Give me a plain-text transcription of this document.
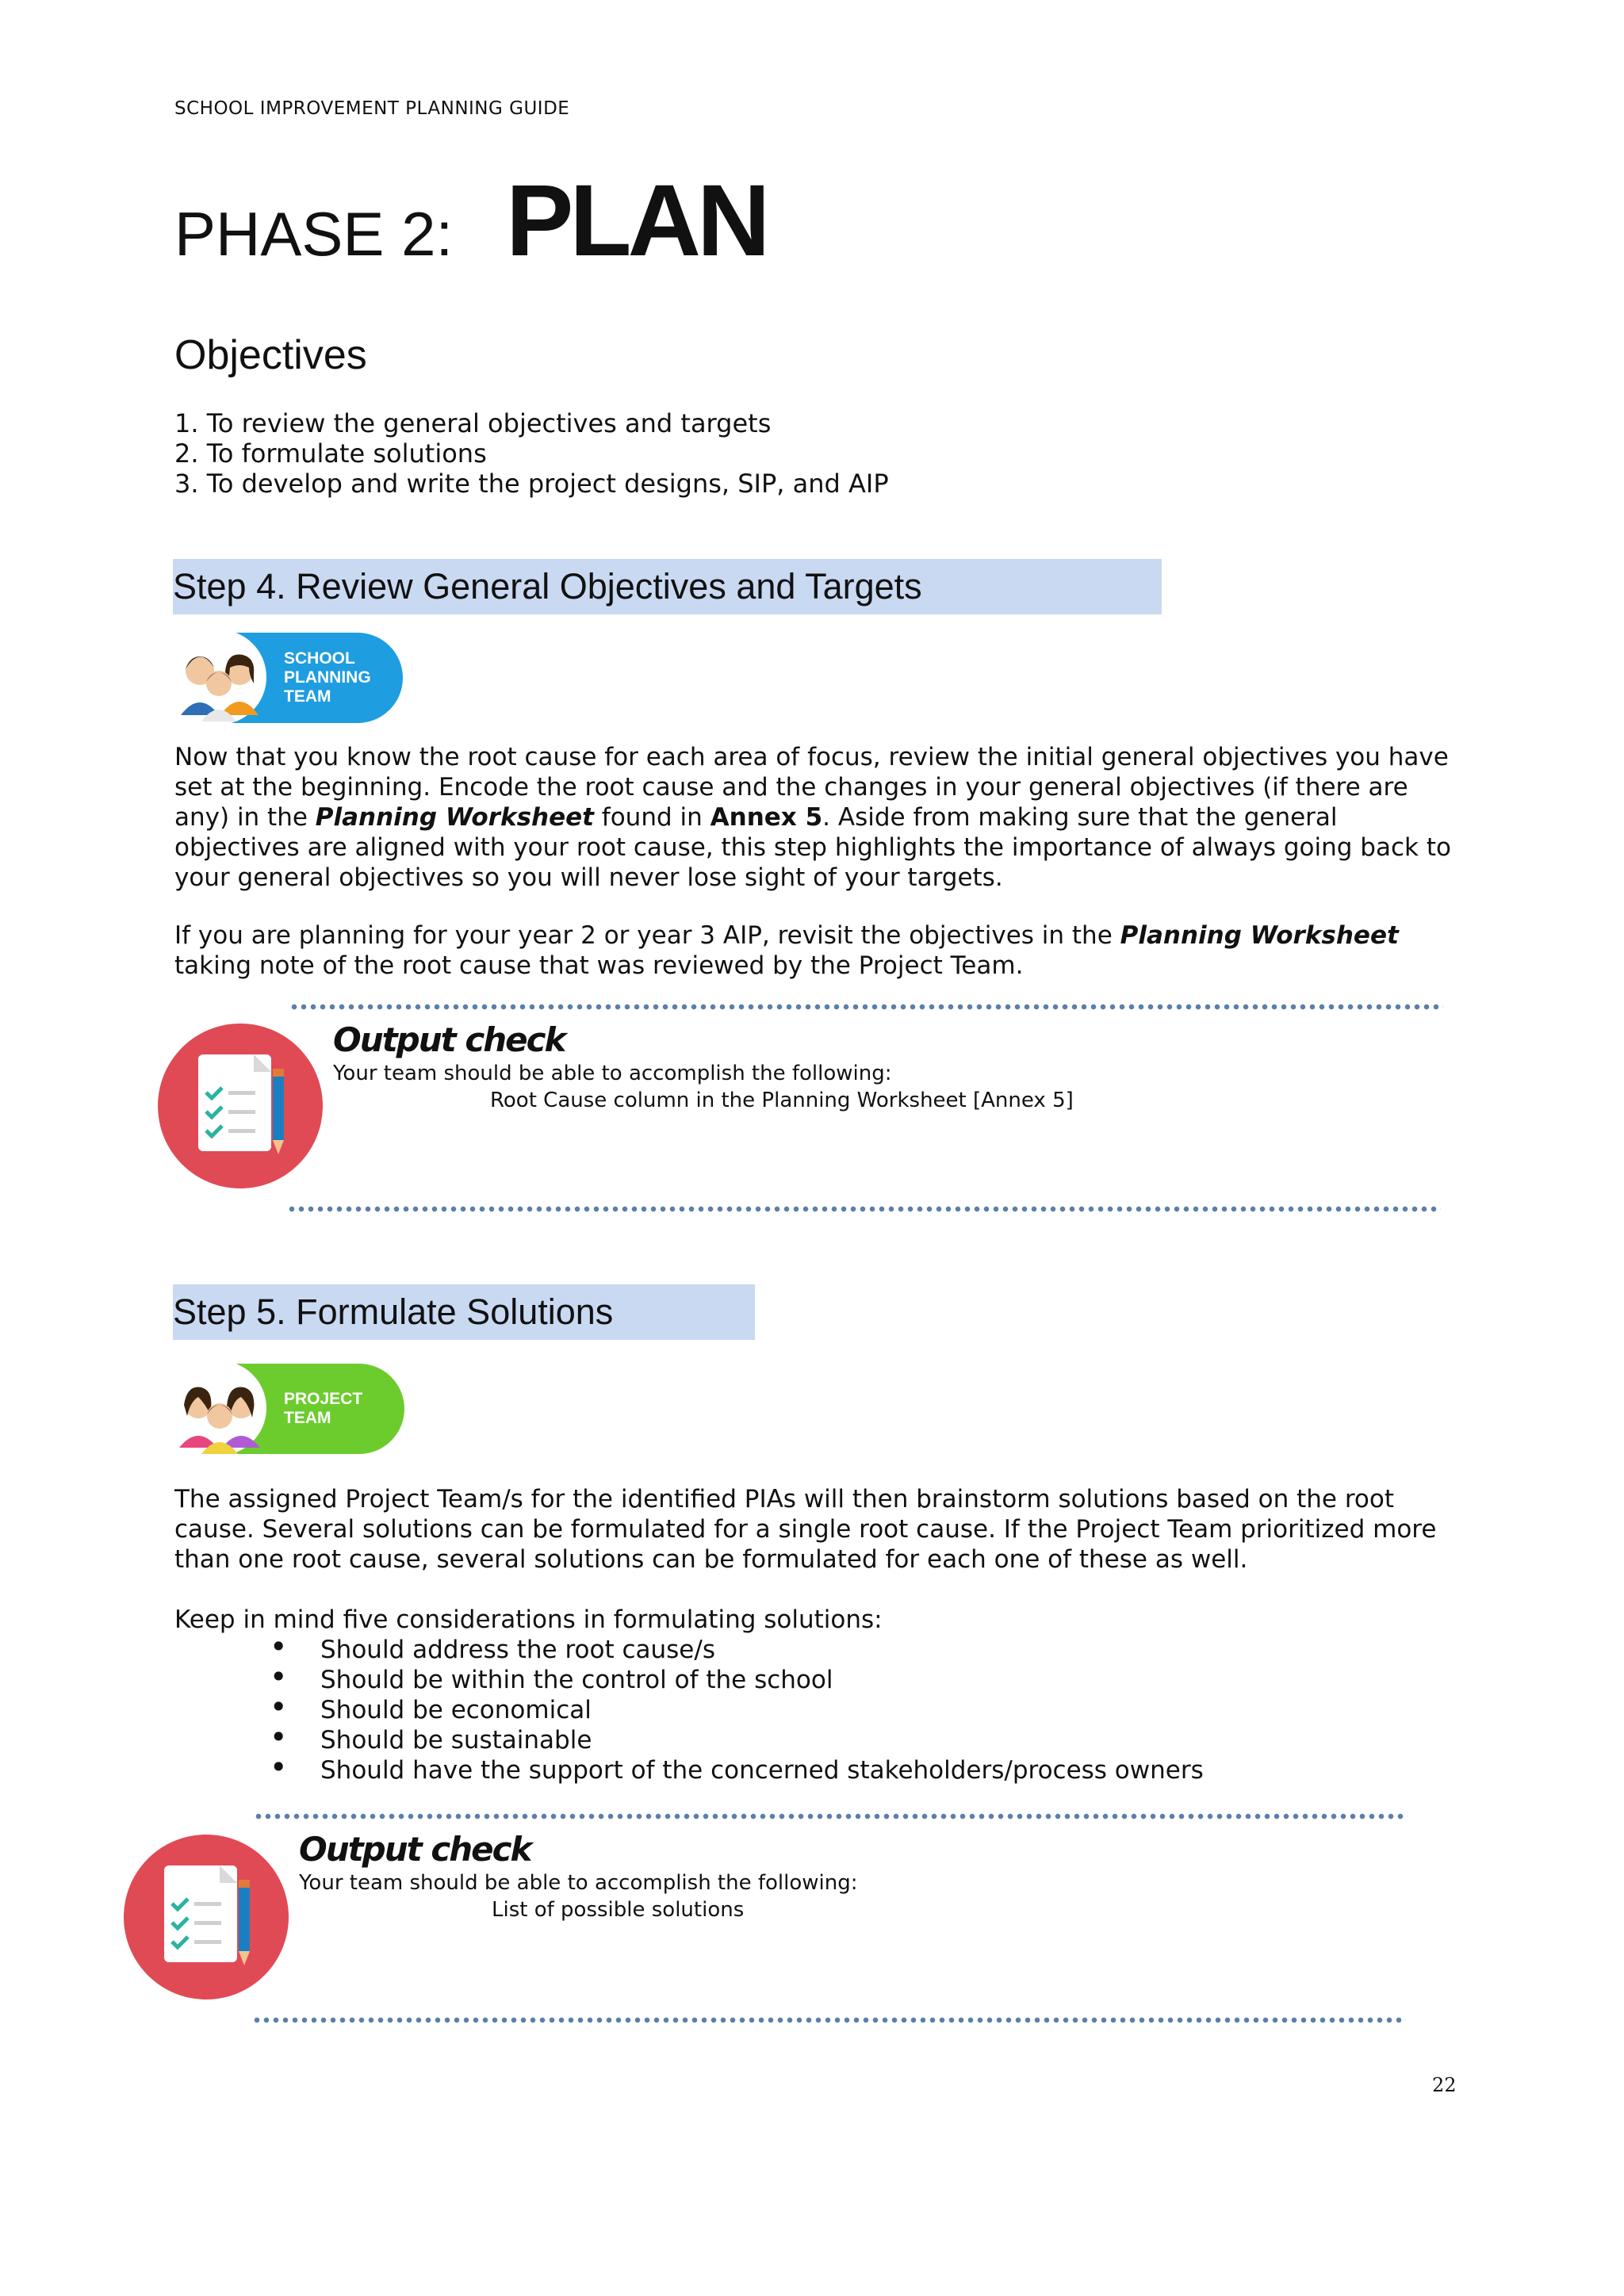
SCHOOL IMPROVEMENT PLANNING GUIDE
PHASE 2: PLAN
Objectives
1. To review the general objectives and targets
2. To formulate solutions
3. To develop and write the project designs, SIP, and AIP
Step 4. Review General Objectives and Targets
SCHOOL
PLANNING
TEAM

Now that you know the root cause for each area of focus, review the initial general objectives you have set at the beginning. Encode the root cause and the changes in your general objectives (if there are any) in the Planning Worksheet found in Annex 5. Aside from making sure that the general objectives are aligned with your root cause, this step highlights the importance of always going back to your general objectives so you will never lose sight of your targets.

If you are planning for your year 2 or year 3 AIP, revisit the objectives in the Planning Worksheet taking note of the root cause that was reviewed by the Project Team.

Output check
Your team should be able to accomplish the following:
Root Cause column in the Planning Worksheet [Annex 5]
Step 5. Formulate Solutions
PROJECT
TEAM

The assigned Project Team/s for the identified PIAs will then brainstorm solutions based on the root cause. Several solutions can be formulated for a single root cause. If the Project Team prioritized more than one root cause, several solutions can be formulated for each one of these as well.

Keep in mind five considerations in formulating solutions:

• Should address the root cause/s
• Should be within the control of the school
• Should be economical
• Should be sustainable
• Should have the support of the concerned stakeholders/process owners
Output check
Your team should be able to accomplish the following:
List of possible solutions
22
